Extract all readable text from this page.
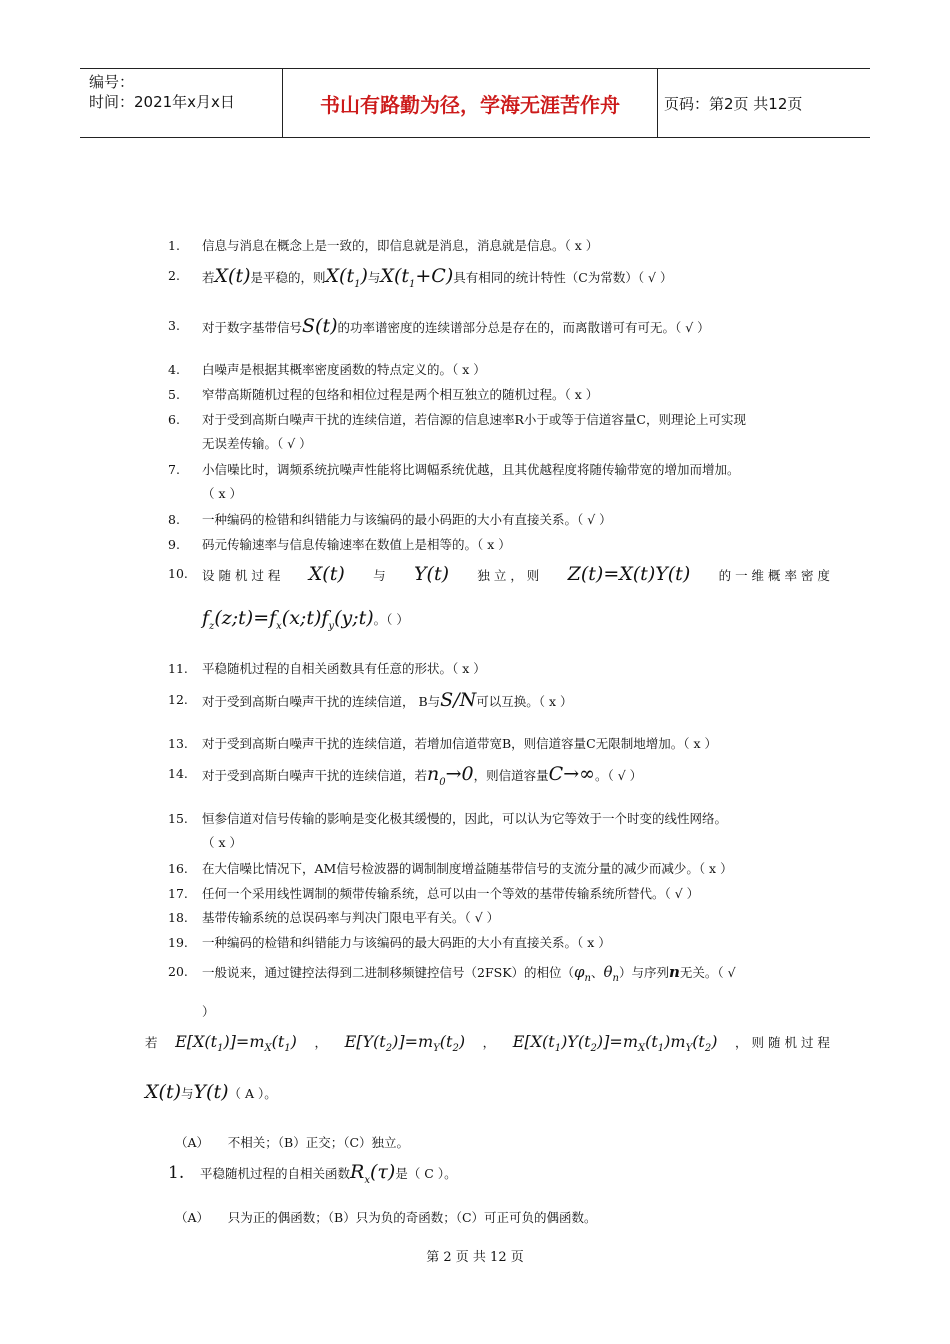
编号：
时间：2021年x月x日	书山有路勤为径，学海无涯苦作舟	页码：第2页 共12页
1.	信息与消息在概念上是一致的，即信息就是消息，消息就是信息。（ x ）
2.	若X(t)是平稳的，则$X(t_1)$与$X(t_1+C)$具有相同的统计特性（C为常数）（ √ ）
3.	对于数字基带信号S(t)的功率谱密度的连续谱部分总是存在的，而离散谱可有可无。（ √ ）
4.	白噪声是根据其概率密度函数的特点定义的。（ x ）
5.	窄带高斯随机过程的包络和相位过程是两个相互独立的随机过程。（ x ）
6.	对于受到高斯白噪声干扰的连续信道，若信源的信息速率R小于或等于信道容量C，则理论上可实现
无误差传输。（ √ ）
7.	小信噪比时，调频系统抗噪声性能将比调幅系统优越，且其优越程度将随传输带宽的增加而增加。
（ x ）
8.	一种编码的检错和纠错能力与该编码的最小码距的大小有直接关系。（ √ ）
9.	码元传输速率与信息传输速率在数值上是相等的。（ x ）
10.	设 随 机 过 程 X(t) 与 Y(t) 独 立 ， 则 Z(t)=X(t)Y(t) 的 一 维 概 率 密 度
$f_z(z;t)=f_x(x;t)f_y(y;t)$。（ ）
11.	平稳随机过程的自相关函数具有任意的形状。（ x ）
12.	对于受到高斯白噪声干扰的连续信道， B与S/N可以互换。（ x ）
13.	对于受到高斯白噪声干扰的连续信道，若增加信道带宽B，则信道容量C无限制地增加。（ x ）
14.	对于受到高斯白噪声干扰的连续信道，若$n_0\to 0$，则信道容量C→∞。（ √ ）
15.	恒参信道对信号传输的影响是变化极其缓慢的，因此，可以认为它等效于一个时变的线性网络。
（ x ）
16.	在大信噪比情况下，AM信号检波器的调制制度增益随基带信号的支流分量的减少而减少。（ x ）
17.	任何一个采用线性调制的频带传输系统，总可以由一个等效的基带传输系统所替代。（ √ ）
18.	基带传输系统的总误码率与判决门限电平有关。（ √ ）
19.	一种编码的检错和纠错能力与该编码的最大码距的大小有直接关系。（ x ）
20.	一般说来，通过键控法得到二进制移频键控信号（2FSK）的相位（$\varphi_n$、$\theta_n$）与序列n无关。（ √
）
若 $E[X(t_1)]=m_X(t_1)$ ， $E[Y(t_2)]=m_Y(t_2)$ ， $E[X(t_1)Y(t_2)]=m_X(t_1)m_Y(t_2)$ ， 则 随 机 过 程
X(t)与Y(t)（ A ）。
（A）　　不相关；（B）正交；（C）独立。
1. 平稳随机过程的自相关函数$R_x(\tau)$是（ C ）。
（A）　　只为正的偶函数；（B）只为负的奇函数；（C）可正可负的偶函数。
第 2 页 共 12 页
